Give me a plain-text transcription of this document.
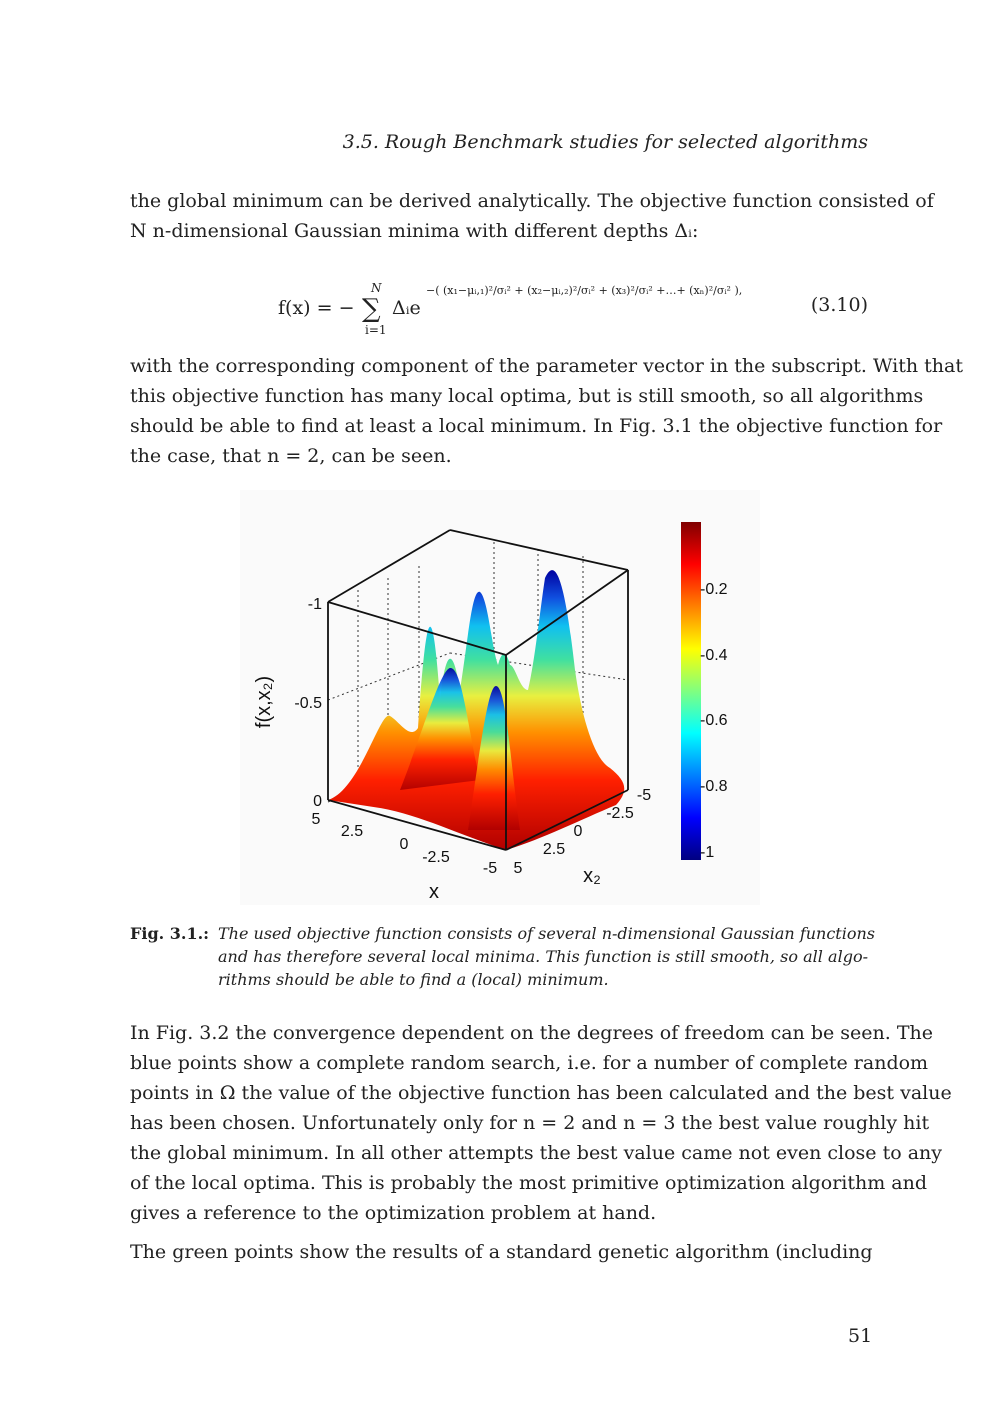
3.5. Rough Benchmark studies for selected algorithms
the global minimum can be derived analytically. The objective function consisted of
N n-dimensional Gaussian minima with different depths Δᵢ:
f(x) = −
N
∑
i=1
Δᵢe
−( (x₁−μᵢ,₁)²/σᵢ² + (x₂−μᵢ,₂)²/σᵢ² + (x₃)²/σᵢ² +…+ (xₙ)²/σᵢ² ),
(3.10)
with the corresponding component of the parameter vector in the subscript. With that
this objective function has many local optima, but is still smooth, so all algorithms
should be able to find at least a local minimum. In Fig. 3.1 the objective function for
the case, that n = 2, can be seen.
-1
-0.5
0
5
2.5
0
-2.5
-5 5
2.5
0
-2.5
-5
x
x₂
f(x,x₂)
-0.2
-0.4
-0.6
-0.8
-1
Fig. 3.1.: The used objective function consists of several n-dimensional Gaussian functions
and has therefore several local minima. This function is still smooth, so all algo-
rithms should be able to find a (local) minimum.
In Fig. 3.2 the convergence dependent on the degrees of freedom can be seen. The
blue points show a complete random search, i.e. for a number of complete random
points in Ω the value of the objective function has been calculated and the best value
has been chosen. Unfortunately only for n = 2 and n = 3 the best value roughly hit
the global minimum. In all other attempts the best value came not even close to any
of the local optima. This is probably the most primitive optimization algorithm and
gives a reference to the optimization problem at hand.
The green points show the results of a standard genetic algorithm (including
51
